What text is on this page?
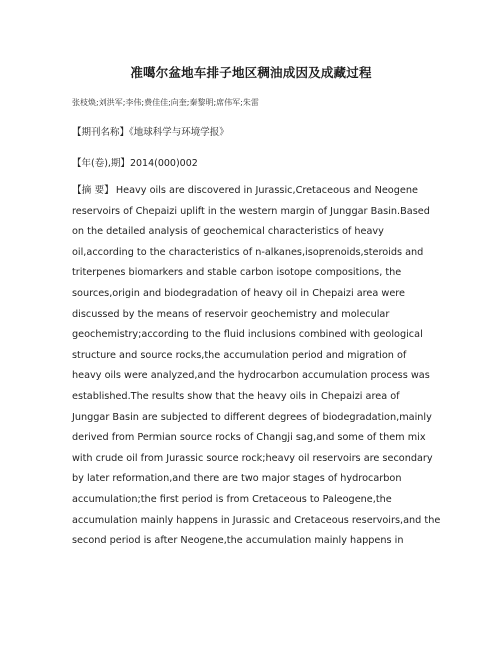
准噶尔盆地车排子地区稠油成因及成藏过程
张枝焕;刘洪军;李伟;费佳佳;向奎;秦黎明;席伟军;朱雷
【期刊名称】《地球科学与环境学报》
【年(卷),期】2014(000)002
【摘 要】 Heavy oils are discovered in Jurassic,Cretaceous and Neogene
reservoirs of Chepaizi uplift in the western margin of Junggar Basin.Based
on the detailed analysis of geochemical characteristics of heavy
oil,according to the characteristics of n-alkanes,isoprenoids,steroids and
triterpenes biomarkers and stable carbon isotope compositions, the
sources,origin and biodegradation of heavy oil in Chepaizi area were
discussed by the means of reservoir geochemistry and molecular
geochemistry;according to the fluid inclusions combined with geological
structure and source rocks,the accumulation period and migration of
heavy oils were analyzed,and the hydrocarbon accumulation process was
established.The results show that the heavy oils in Chepaizi area of
Junggar Basin are subjected to different degrees of biodegradation,mainly
derived from Permian source rocks of Changji sag,and some of them mix
with crude oil from Jurassic source rock;heavy oil reservoirs are secondary
by later reformation,and there are two major stages of hydrocarbon
accumulation;the first period is from Cretaceous to Paleogene,the
accumulation mainly happens in Jurassic and Cretaceous reservoirs,and the
second period is after Neogene,the accumulation mainly happens in
